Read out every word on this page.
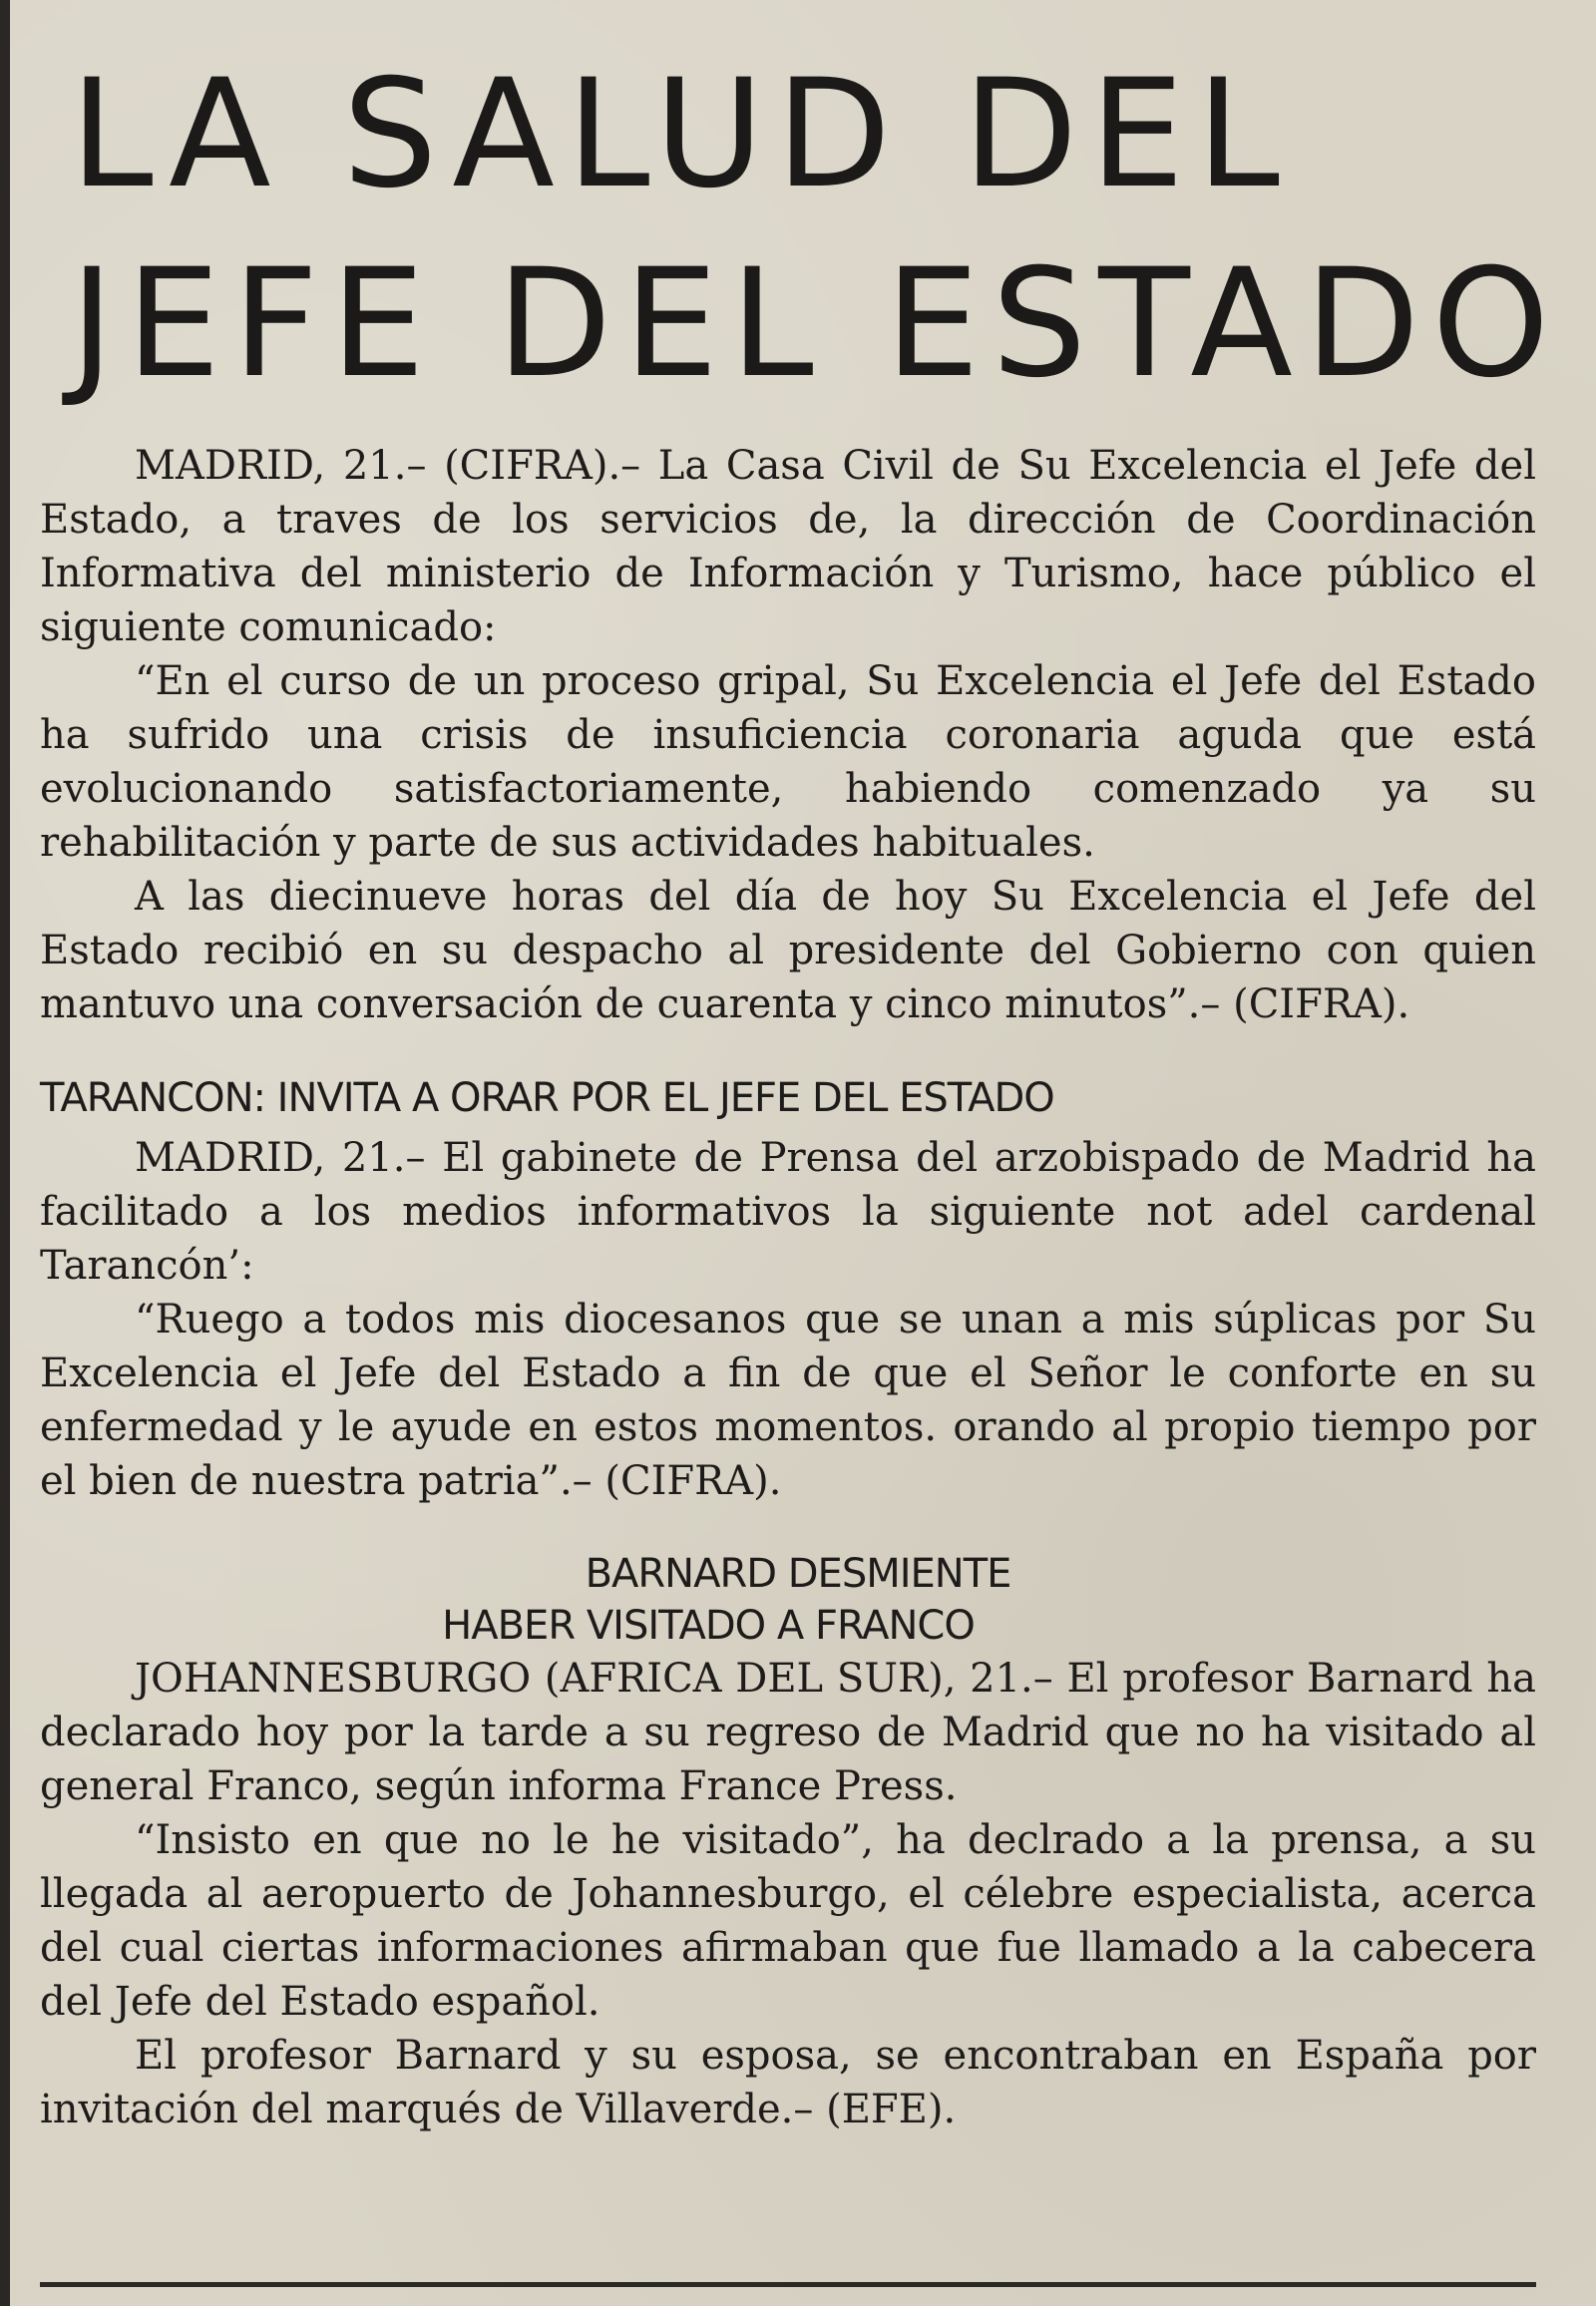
LA SALUD DEL
JEFE DEL ESTADO

MADRID, 21.– (CIFRA).– La Casa Civil de Su Excelencia el Jefe del Estado, a traves de los servicios de, la dirección de Coordinación Informativa del ministerio de Información y Turismo, hace público el siguiente comunicado:

“En el curso de un proceso gripal, Su Excelencia el Jefe del Estado ha sufrido una crisis de insuficiencia coronaria aguda que está evolucionando satisfactoriamente, habiendo comenzado ya su rehabilitación y parte de sus actividades habituales.

A las diecinueve horas del día de hoy Su Excelencia el Jefe del Estado recibió en su despacho al presidente del Gobierno con quien mantuvo una conversación de cuarenta y cinco minutos”.– (CIFRA).

TARANCON: INVITA A ORAR POR EL JEFE DEL ESTADO

MADRID, 21.– El gabinete de Prensa del arzobispado de Madrid ha facilitado a los medios informativos la siguiente not adel cardenal Tarancón’:

“Ruego a todos mis diocesanos que se unan a mis súplicas por Su Excelencia el Jefe del Estado a fin de que el Señor le conforte en su enfermedad y le ayude en estos momentos. orando al propio tiempo por el bien de nuestra patria”.– (CIFRA).

BARNARD DESMIENTE
HABER VISITADO A FRANCO

JOHANNESBURGO (AFRICA DEL SUR), 21.– El profesor Barnard ha declarado hoy por la tarde a su regreso de Madrid que no ha visitado al general Franco, según informa France Press.

“Insisto en que no le he visitado”, ha declrado a la prensa, a su llegada al aeropuerto de Johannesburgo, el célebre especialista, acerca del cual ciertas informaciones afirmaban que fue llamado a la cabecera del Jefe del Estado español.

El profesor Barnard y su esposa, se encontraban en España por invitación del marqués de Villaverde.– (EFE).
